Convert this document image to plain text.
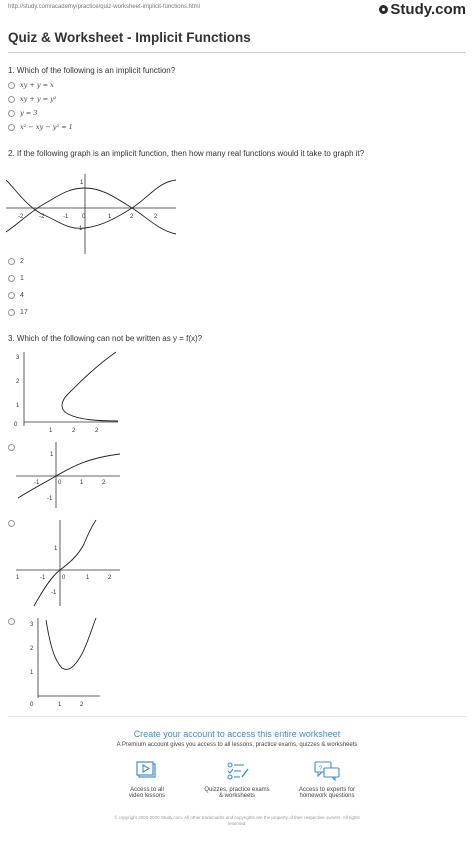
http://study.com/academy/practice/quiz-worksheet-implicit-functions.html	Study.com
Quiz & Worksheet - Implicit Functions
1. Which of the following is an implicit function?
xy + y = x
xy + y = y²
y = 3
x² − xy − y² = 1
2. If the following graph is an implicit function, then how many real functions would it take to graph it?
-2	-2	-1 0	1	2	2
1
-1
2
1
4
17
3. Which of the following can not be written as y = f(x)?
0
1	2	2
3
2
1
-1	0	1	2
1
-1
1	-1	0	1	2
1
-1
0	1	2
3
2
1
Create your account to access this entire worksheet
A Premium account gives you access to all lessons, practice exams, quizzes & worksheets
Access to all
video lessons
Quizzes, practice exams
& worksheets
?
Access to experts for
homework questions
© copyright 2003-2020 Study.com. All other trademarks and copyrights are the property of their respective owners. All rights
reserved.
